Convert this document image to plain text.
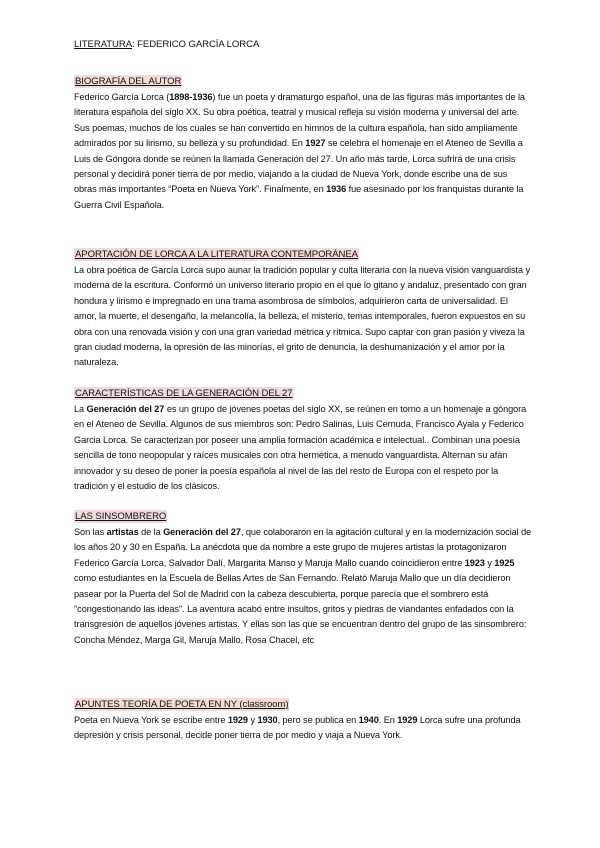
LITERATURA: FEDERICO GARCÍA LORCA
BIOGRAFÍA DEL AUTOR
Federico García Lorca (1898-1936) fue un poeta y dramaturgo español, una de las figuras más importantes de la literatura española del siglo XX. Su obra poética, teatral y musical refleja su visión moderna y universal del arte. Sus poemas, muchos de los cuales se han convertido en himnos de la cultura española, han sido ampliamente admirados por su lirismo, su belleza y su profundidad. En 1927 se celebra el homenaje en el Ateneo de Sevilla a Luis de Góngora donde se reúnen la llamada Generación del 27. Un año más tarde, Lorca sufrirá de una crisis personal y decidirá poner tierra de por medio, viajando a la ciudad de Nueva York, donde escribe una de sus obras más importantes “Poeta en Nueva York”. Finalmente, en 1936 fue asesinado por los franquistas durante la Guerra Civil Española.
APORTACIÓN DE LORCA A LA LITERATURA CONTEMPORÁNEA
La obra poética de García Lorca supo aunar la tradición popular y culta literaria con la nueva visión vanguardista y moderna de la escritura. Conformó un universo literario propio en el que lo gitano y andaluz, presentado con gran hondura y lirismo e impregnado en una trama asombrosa de símbolos, adquirieron carta de universalidad. El amor, la muerte, el desengaño, la melancolía, la belleza, el misterio, temas intemporales, fueron expuestos en su obra con una renovada visión y con una gran variedad métrica y rítmica. Supo captar con gran pasión y viveza la gran ciudad moderna, la opresión de las minorías, el grito de denuncia, la deshumanización y el amor por la naturaleza.
CARACTERÍSTICAS DE LA GENERACIÓN DEL 27
La Generación del 27 es un grupo de jóvenes poetas del siglo XX, se reúnen en torno a un homenaje a góngora en el Ateneo de Sevilla. Algunos de sus miembros son: Pedro Salinas, Luis Cernuda, Francisco Ayala y Federico Garcia Lorca. Se caracterizan por poseer una amplia formación académica e intelectual.. Combinan una poesía sencilla de tono neopopular y raíces musicales con otra hermética, a menudo vanguardista. Alternan su afán innovador y su deseo de poner la poesía española al nivel de las del resto de Europa con el respeto por la tradición y el estudio de los clásicos.
LAS SINSOMBRERO
Son las artistas de la Generación del 27, que colaboraron en la agitación cultural y en la modernización social de los años 20 y 30 en España. La anécdota que da nombre a este grupo de mujeres artistas la protagonizaron Federico García Lorca, Salvador Dalí, Margarita Manso y Maruja Mallo cuando coincidieron entre 1923 y 1925 como estudiantes en la Escuela de Bellas Artes de San Fernando. Relató Maruja Mallo que un día decidieron pasear por la Puerta del Sol de Madrid con la cabeza descubierta, porque parecía que el sombrero está "congestionando las ideas". La aventura acabó entre insultos, gritos y piedras de viandantes enfadados con la transgresión de aquellos jóvenes artistas. Y ellas son las que se encuentran dentro del grupo de las sinsombrero: Concha Méndez, Marga Gil, Maruja Mallo, Rosa Chacel, etc
APUNTES TEORÍA DE POETA EN NY (classroom)
Poeta en Nueva York se escribe entre 1929 y 1930, pero se publica en 1940. En 1929 Lorca sufre una profunda depresión y crisis personal, decide poner tierra de por medio y viaja a Nueva York.
